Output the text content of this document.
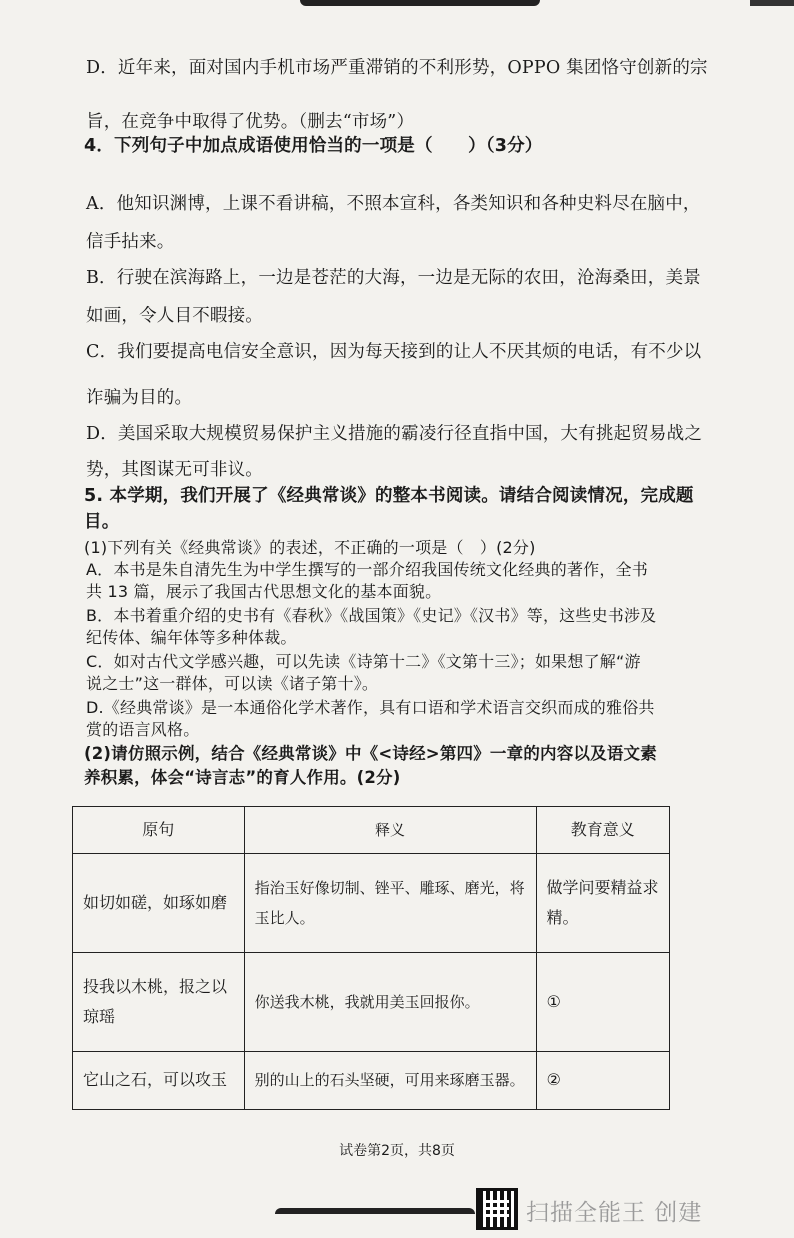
D．近年来，面对国内手机市场严重滞销的不利形势，OPPO 集团恪守创新的宗
旨，在竞争中取得了优势。（删去“市场”）
4．下列句子中加点成语使用恰当的一项是（　　）（3分）
A．他知识渊博，上课不看讲稿，不照本宣科，各类知识和各种史料尽在脑中，
信手拈来。
B．行驶在滨海路上，一边是苍茫的大海，一边是无际的农田，沧海桑田，美景
如画，令人目不暇接。
C．我们要提高电信安全意识，因为每天接到的让人不厌其烦的电话，有不少以
诈骗为目的。
D．美国采取大规模贸易保护主义措施的霸凌行径直指中国，大有挑起贸易战之
势，其图谋无可非议。
5. 本学期，我们开展了《经典常谈》的整本书阅读。请结合阅读情况，完成题
目。
(1)下列有关《经典常谈》的表述，不正确的一项是（　）(2分)
A．本书是朱自清先生为中学生撰写的一部介绍我国传统文化经典的著作，全书
共 13 篇，展示了我国古代思想文化的基本面貌。
B．本书着重介绍的史书有《春秋》《战国策》《史记》《汉书》等，这些史书涉及
纪传体、编年体等多种体裁。
C．如对古代文学感兴趣，可以先读《诗第十二》《文第十三》；如果想了解“游
说之士”这一群体，可以读《诸子第十》。
D.《经典常谈》是一本通俗化学术著作，具有口语和学术语言交织而成的雅俗共
赏的语言风格。
(2)请仿照示例，结合《经典常谈》中《<诗经>第四》一章的内容以及语文素
养积累，体会“诗言志”的育人作用。(2分)
原句	释义	教育意义
如切如磋，如琢如磨	指治玉好像切制、锉平、雕琢、磨光，将玉比人。	做学问要精益求精。
投我以木桃，报之以琼瑶	你送我木桃，我就用美玉回报你。	①
它山之石，可以攻玉	别的山上的石头坚硬，可用来琢磨玉器。	②
试卷第2页，共8页
扫描全能王 创建
